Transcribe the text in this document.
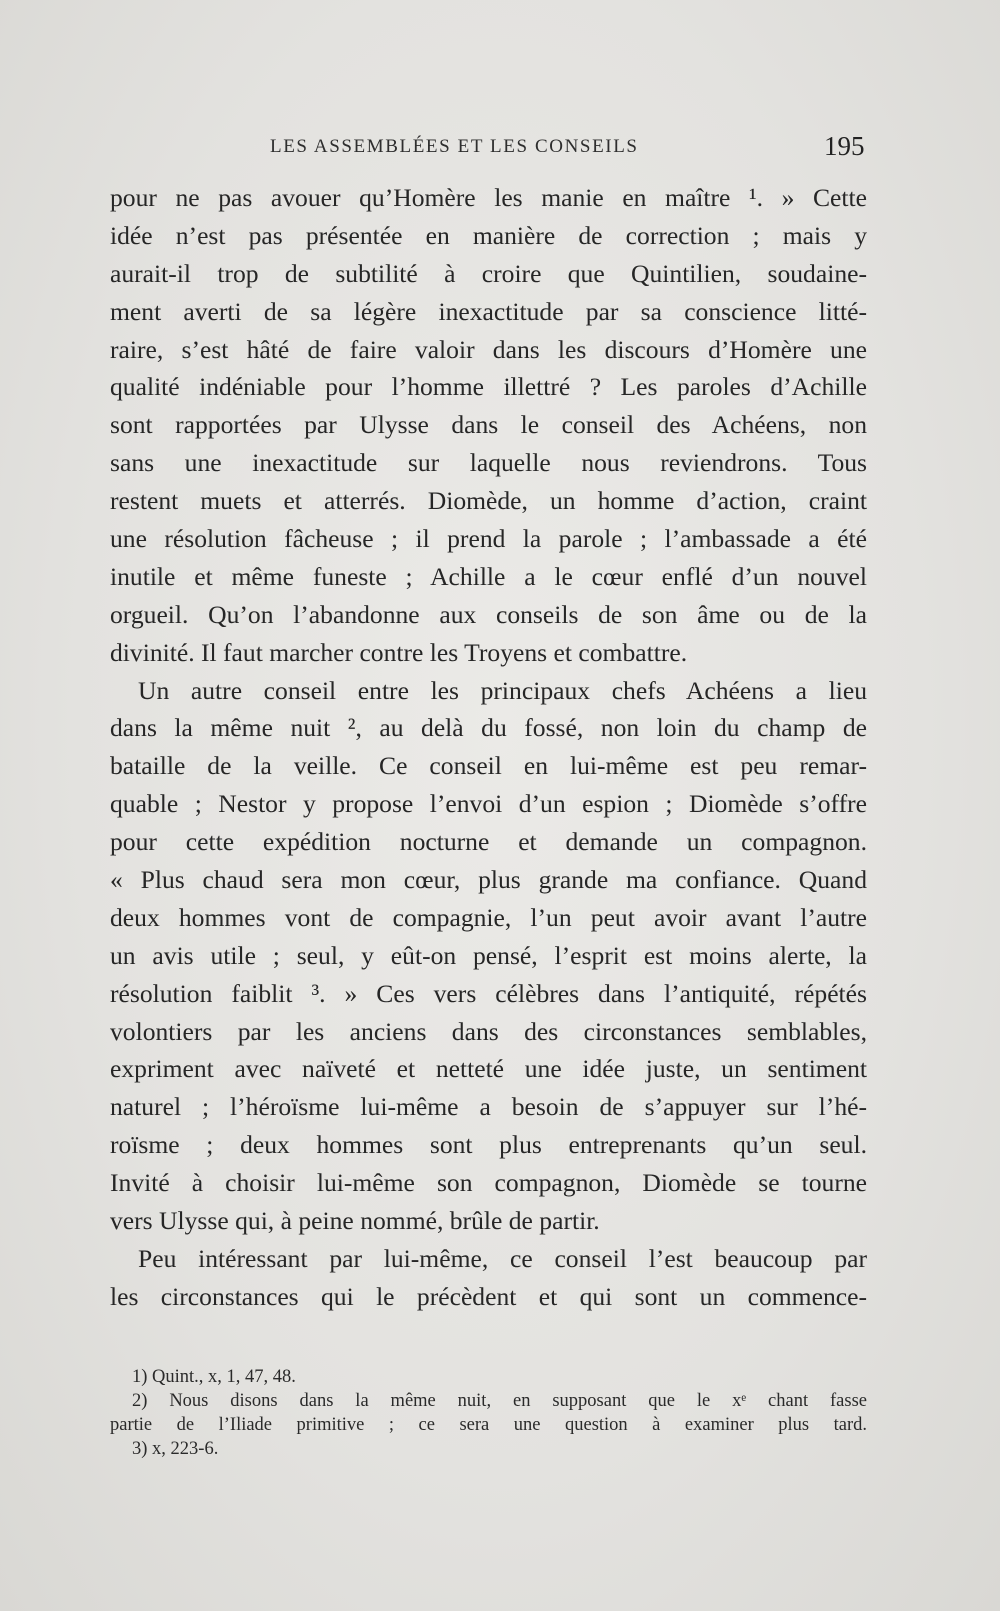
LES ASSEMBLÉES ET LES CONSEILS	195
pour ne pas avouer qu’Homère les manie en maître ¹. » Cette
idée n’est pas présentée en manière de correction ; mais y
aurait-il trop de subtilité à croire que Quintilien, soudaine-
ment averti de sa légère inexactitude par sa conscience litté-
raire, s’est hâté de faire valoir dans les discours d’Homère une
qualité indéniable pour l’homme illettré ? Les paroles d’Achille
sont rapportées par Ulysse dans le conseil des Achéens, non
sans une inexactitude sur laquelle nous reviendrons. Tous
restent muets et atterrés. Diomède, un homme d’action, craint
une résolution fâcheuse ; il prend la parole ; l’ambassade a été
inutile et même funeste ; Achille a le cœur enflé d’un nouvel
orgueil. Qu’on l’abandonne aux conseils de son âme ou de la
divinité. Il faut marcher contre les Troyens et combattre.
Un autre conseil entre les principaux chefs Achéens a lieu
dans la même nuit ², au delà du fossé, non loin du champ de
bataille de la veille. Ce conseil en lui-même est peu remar-
quable ; Nestor y propose l’envoi d’un espion ; Diomède s’offre
pour cette expédition nocturne et demande un compagnon.
« Plus chaud sera mon cœur, plus grande ma confiance. Quand
deux hommes vont de compagnie, l’un peut avoir avant l’autre
un avis utile ; seul, y eût-on pensé, l’esprit est moins alerte, la
résolution faiblit ³. » Ces vers célèbres dans l’antiquité, répétés
volontiers par les anciens dans des circonstances semblables,
expriment avec naïveté et netteté une idée juste, un sentiment
naturel ; l’héroïsme lui-même a besoin de s’appuyer sur l’hé-
roïsme ; deux hommes sont plus entreprenants qu’un seul.
Invité à choisir lui-même son compagnon, Diomède se tourne
vers Ulysse qui, à peine nommé, brûle de partir.
Peu intéressant par lui-même, ce conseil l’est beaucoup par
les circonstances qui le précèdent et qui sont un commence-
1) Quint., x, 1, 47, 48.
2) Nous disons dans la même nuit, en supposant que le xᵉ chant fasse
partie de l’Iliade primitive ; ce sera une question à examiner plus tard.
3) x, 223-6.
